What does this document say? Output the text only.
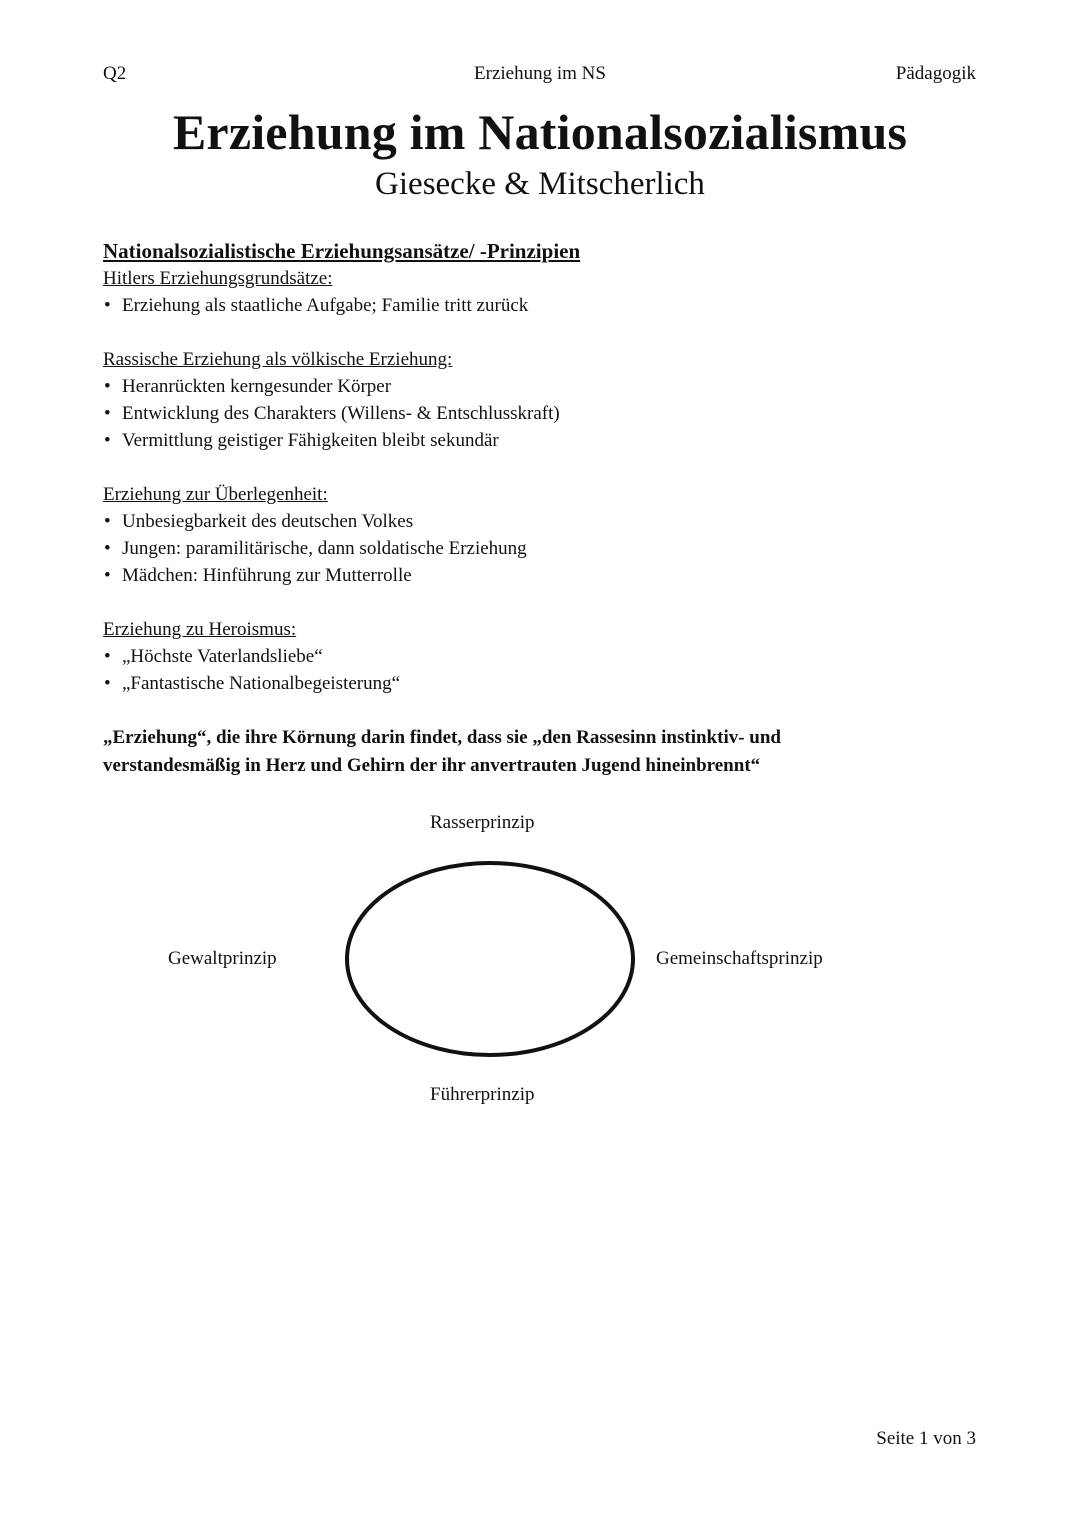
Q2	Erziehung im NS	Pädagogik
Erziehung im Nationalsozialismus
Giesecke & Mitscherlich
Nationalsozialistische Erziehungsansätze/ -Prinzipien
Hitlers Erziehungsgrundsätze:
• Erziehung als staatliche Aufgabe; Familie tritt zurück
Rassische Erziehung als völkische Erziehung:
• Heranrückten kerngesunder Körper
• Entwicklung des Charakters (Willens- & Entschlusskraft)
• Vermittlung geistiger Fähigkeiten bleibt sekundär
Erziehung zur Überlegenheit:
• Unbesiegbarkeit des deutschen Volkes
• Jungen: paramilitärische, dann soldatische Erziehung
• Mädchen: Hinführung zur Mutterrolle
Erziehung zu Heroismus:
• „Höchste Vaterlandsliebe“
• „Fantastische Nationalbegeisterung“
„Erziehung“, die ihre Körnung darin findet, dass sie „den Rassesinn instinktiv- und verstandesmäßig in Herz und Gehirn der ihr anvertrauten Jugend hineinbrennt“
Rasserprinzip
Gewaltprinzip	Gemeinschaftsprinzip
Führerprinzip
Seite 1 von 3
